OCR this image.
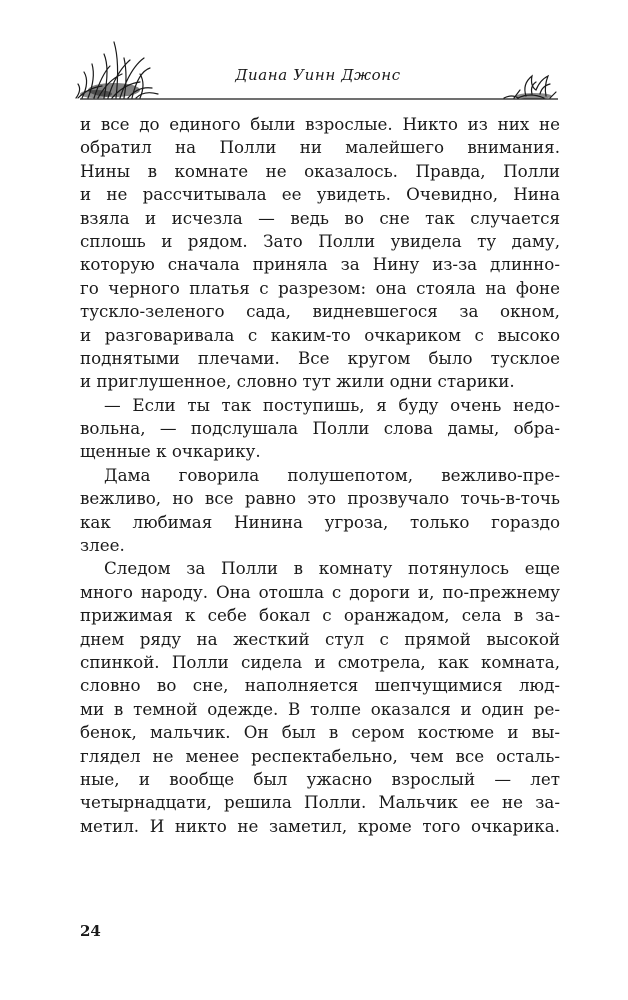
Диана Уинн Джонс
и все до единого были взрослые. Никто из них не
обратил на Полли ни малейшего внимания.
Нины в комнате не оказалось. Правда, Полли
и не рассчитывала ее увидеть. Очевидно, Нина
взяла и исчезла — ведь во сне так случается
сплошь и рядом. Зато Полли увидела ту даму,
которую сначала приняла за Нину из-за длинно-
го черного платья с разрезом: она стояла на фоне
тускло-зеленого сада, видневшегося за окном,
и разговаривала с каким-то очкариком с высоко
поднятыми плечами. Все кругом было тусклое
и приглушенное, словно тут жили одни старики.
— Если ты так поступишь, я буду очень недо-
вольна, — подслушала Полли слова дамы, обра-
щенные к очкарику.
Дама говорила полушепотом, вежливо-пре-
вежливо, но все равно это прозвучало точь-в-точь
как любимая Нинина угроза, только гораздо
злее.
Следом за Полли в комнату потянулось еще
много народу. Она отошла с дороги и, по-прежнему
прижимая к себе бокал с оранжадом, села в за-
днем ряду на жесткий стул с прямой высокой
спинкой. Полли сидела и смотрела, как комната,
словно во сне, наполняется шепчущимися люд-
ми в темной одежде. В толпе оказался и один ре-
бенок, мальчик. Он был в сером костюме и вы-
глядел не менее респектабельно, чем все осталь-
ные, и вообще был ужасно взрослый — лет
четырнадцати, решила Полли. Мальчик ее не за-
метил. И никто не заметил, кроме того очкарика.
24
